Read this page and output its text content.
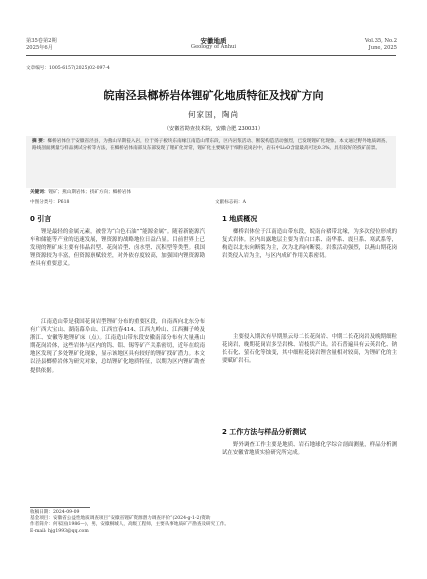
第35卷第2期
2025年6月
安徽地质
Geology of Anhui
Vol.35, No.2
June, 2025
文章编号：1005-6157(2025)02-097-4
皖南泾县榔桥岩体锂矿化地质特征及找矿方向
何家国，陶尚
（安徽省勘查技术院，安徽合肥 230031）
摘 要：榔桥岩体位于安徽省泾县，为燕山早期侵入岩，位于扬子板块东南缘江南造山带东段，区内岩浆活动、断裂构造活动强烈，已发现锂矿化现象。本文通过野外地质调查、路线剖面测量与样品测试分析等方法，在榔桥岩体南部及东部发现了锂矿化异常，锂矿化主要赋存于细粒花岗岩中，岩石中Li₂O含量最高可达0.3%，具有较好的找矿前景。
关键词：锂矿；燕山期岩体；找矿方向；榔桥岩体
中图分类号：P618	文献标志码：A
0 引言
锂是最轻的金属元素，被誉为“白色石油”“能源金属”。随着新能源汽车和储能等产业的迅速发展，锂资源的战略地位日益凸显。目前世界上已发现的锂矿床主要有伟晶岩型、花岗岩型、卤水型、沉积型等类型。我国锂资源较为丰富，但资源禀赋较差，对外依存度较高，加强国内锂资源勘查具有重要意义。
江南造山带是我国花岗岩型锂矿分布的重要区段，自南西向北东分布有广西大宝山、湖南幕阜山、江西宜春414、江西九岭山、江西狮子岭及浙江、安徽等地锂矿床（点）。江南造山带东段安徽南部分布有大量燕山期花岗岩体，这些岩体与区内的钨、钼、锡等矿产关系密切，近年在皖南地区发现了多处锂矿化现象，显示该地区具有较好的锂矿找矿潜力。本文以泾县榔桥岩体为研究对象，总结锂矿化地质特征，以期为区内锂矿勘查提供依据。
收稿日期：2024-09-09
基金项目：安徽省公益性地质调查项目“安徽省锂矿资源潜力调查评价”(2024-g-1-2)资助
作者简介：何家国(1986—)，男，安徽桐城人，高级工程师，主要从事地质矿产勘查及研究工作。
E-mail: hjg1993@qq.com
1 地质概况
榔桥岩体位于江南造山带东段，皖南台褶带北缘，为多次侵位形成的复式岩体。区内出露地层主要为青白口系、南华系、震旦系、寒武系等，构造以北东向断裂为主，次为北西向断裂。岩浆活动强烈，以燕山期花岗岩类侵入岩为主，与区内成矿作用关系密切。
主要侵入期次有早期黑云母二长花岗岩、中期二长花岗岩及晚期细粒花岗岩，晚期花岗岩多呈岩株、岩枝状产出。岩石普遍具有云英岩化、钠长石化、萤石化等蚀变，其中细粒花岗岩锂含量相对较高，为锂矿化的主要赋矿岩石。
2 工作方法与样品分析测试
野外调查工作主要是地质、岩石地球化学综合剖面测量，样品分析测试在安徽省地质实验研究所完成。
